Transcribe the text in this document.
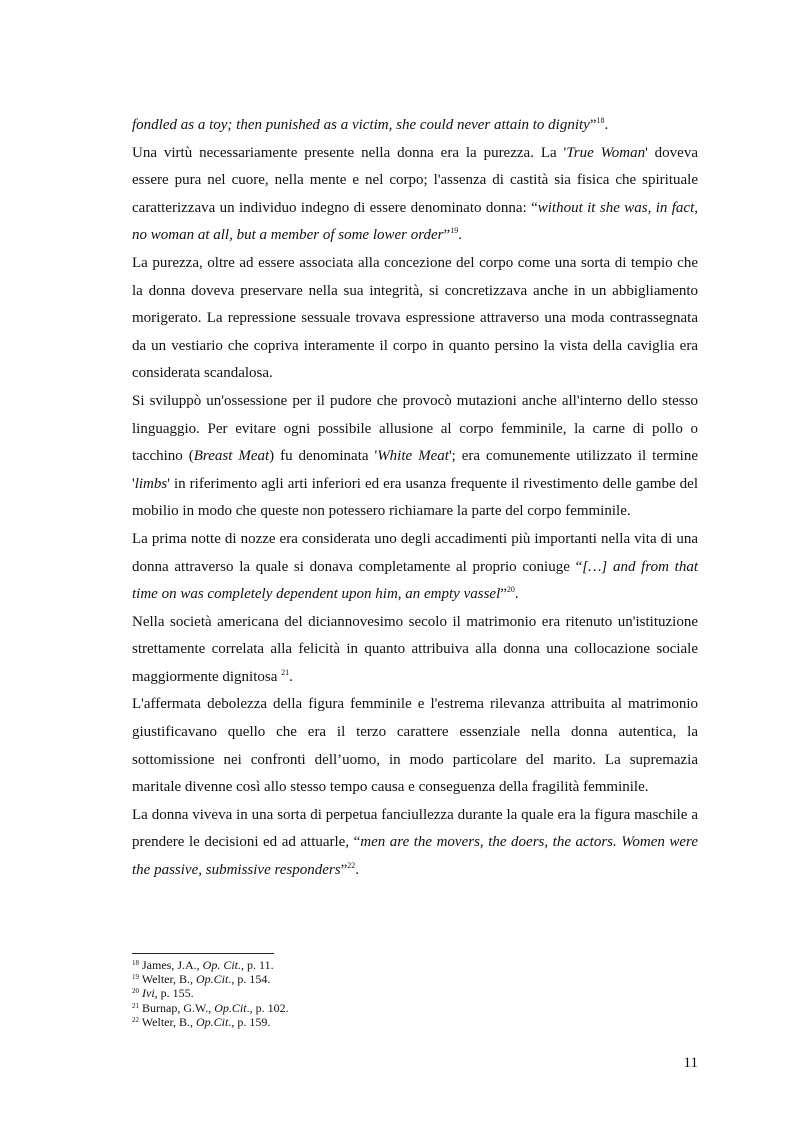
fondled as a toy; then punished as a victim, she could never attain to dignity”$^{18}$.

Una virtù necessariamente presente nella donna era la purezza. La 'True Woman' doveva essere pura nel cuore, nella mente e nel corpo; l'assenza di castità sia fisica che spirituale caratterizzava un individuo indegno di essere denominato donna: “without it she was, in fact, no woman at all, but a member of some lower order”$^{19}$.

La purezza, oltre ad essere associata alla concezione del corpo come una sorta di tempio che la donna doveva preservare nella sua integrità, si concretizzava anche in un abbigliamento morigerato. La repressione sessuale trovava espressione attraverso una moda contrassegnata da un vestiario che copriva interamente il corpo in quanto persino la vista della caviglia era considerata scandalosa.

Si sviluppò un'ossessione per il pudore che provocò mutazioni anche all'interno dello stesso linguaggio. Per evitare ogni possibile allusione al corpo femminile, la carne di pollo o tacchino (Breast Meat) fu denominata 'White Meat'; era comunemente utilizzato il termine 'limbs' in riferimento agli arti inferiori ed era usanza frequente il rivestimento delle gambe del mobilio in modo che queste non potessero richiamare la parte del corpo femminile.

La prima notte di nozze era considerata uno degli accadimenti più importanti nella vita di una donna attraverso la quale si donava completamente al proprio coniuge “[…] and from that time on was completely dependent upon him, an empty vassel”$^{20}$.

Nella società americana del diciannovesimo secolo il matrimonio era ritenuto un'istituzione strettamente correlata alla felicità in quanto attribuiva alla donna una collocazione sociale maggiormente dignitosa $^{21}$.

L'affermata debolezza della figura femminile e l'estrema rilevanza attribuita al matrimonio giustificavano quello che era il terzo carattere essenziale nella donna autentica, la sottomissione nei confronti dell’uomo, in modo particolare del marito. La supremazia maritale divenne così allo stesso tempo causa e conseguenza della fragilità femminile.

La donna viveva in una sorta di perpetua fanciullezza durante la quale era la figura maschile a prendere le decisioni ed ad attuarle, “men are the movers, the doers, the actors. Women were the passive, submissive responders”$^{22}$.

$^{18}$ James, J.A., Op. Cit., p. 11.

$^{19}$ Welter, B., Op.Cit., p. 154.

$^{20}$ Ivi, p. 155.

$^{21}$ Burnap, G.W., Op.Cit., p. 102.

$^{22}$ Welter, B., Op.Cit., p. 159.

11
